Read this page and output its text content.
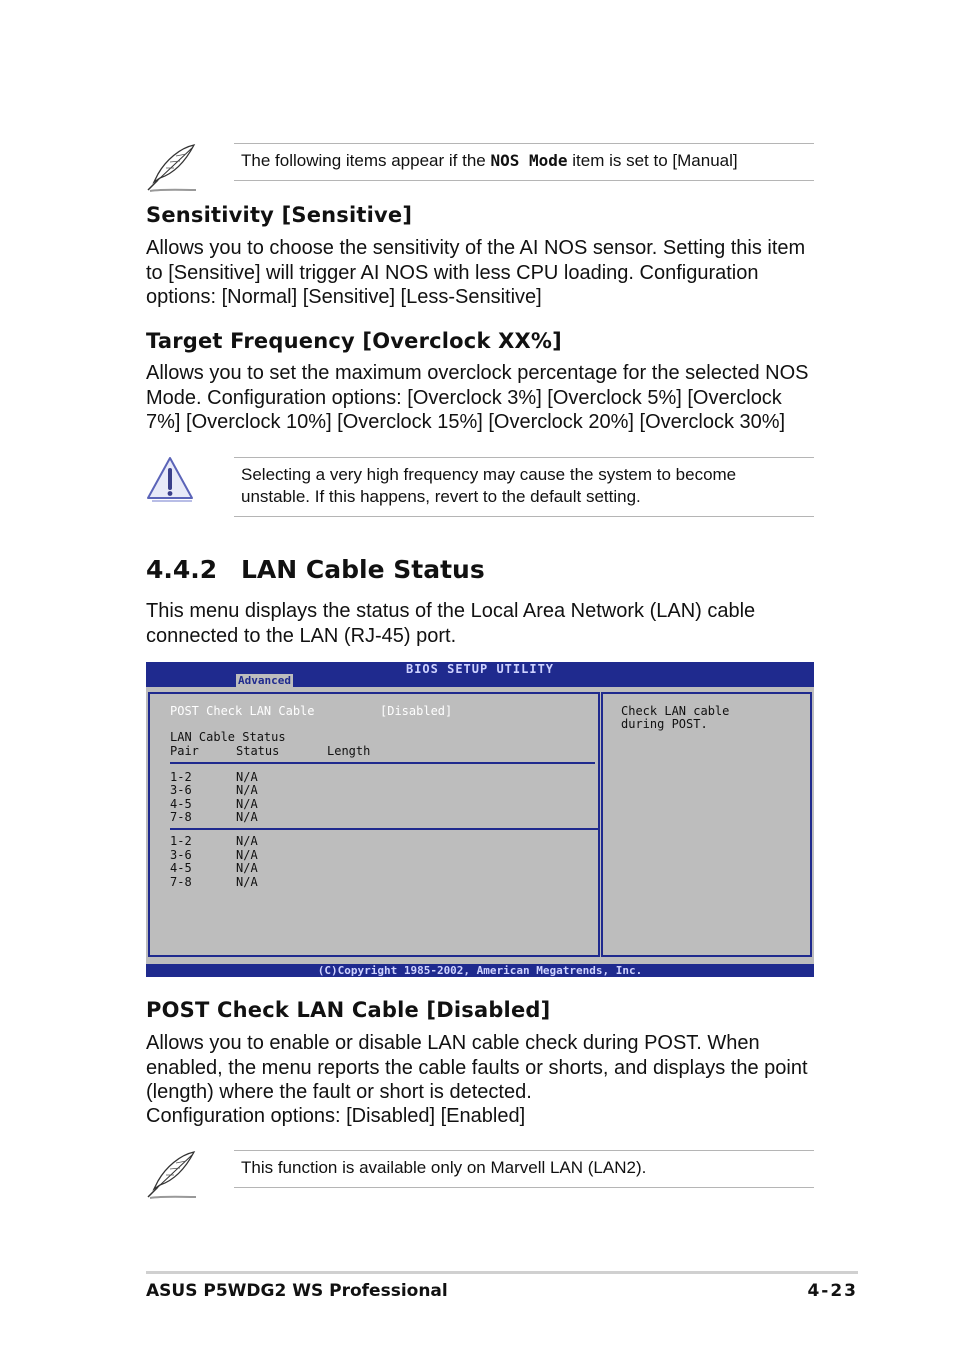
The following items appear if the NOS Mode item is set to [Manual]
Sensitivity [Sensitive]
Allows you to choose the sensitivity of the AI NOS sensor. Setting this item to [Sensitive] will trigger AI NOS with less CPU loading. Configuration options: [Normal] [Sensitive] [Less-Sensitive]
Target Frequency [Overclock XX%]
Allows you to set the maximum overclock percentage for the selected NOS Mode. Configuration options: [Overclock 3%] [Overclock 5%] [Overclock 7%] [Overclock 10%] [Overclock 15%] [Overclock 20%] [Overclock 30%]
Selecting a very high frequency may cause the system to become
unstable. If this happens, revert to the default setting.
4.4.2 LAN Cable Status
This menu displays the status of the Local Area Network (LAN) cable connected to the LAN (RJ-45) port.
BIOS SETUP UTILITY
Advanced
POST Check LAN Cable	[Disabled]
LAN Cable Status
Pair	Status	Length
1-2	N/A
3-6	N/A
4-5	N/A
7-8	N/A
1-2	N/A
3-6	N/A
4-5	N/A
7-8	N/A
Check LAN cable
during POST.
(C)Copyright 1985-2002, American Megatrends, Inc.
POST Check LAN Cable [Disabled]
Allows you to enable or disable LAN cable check during POST. When enabled, the menu reports the cable faults or shorts, and displays the point (length) where the fault or short is detected.
Configuration options: [Disabled] [Enabled]
This function is available only on Marvell LAN (LAN2).
ASUS P5WDG2 WS Professional	4-23
